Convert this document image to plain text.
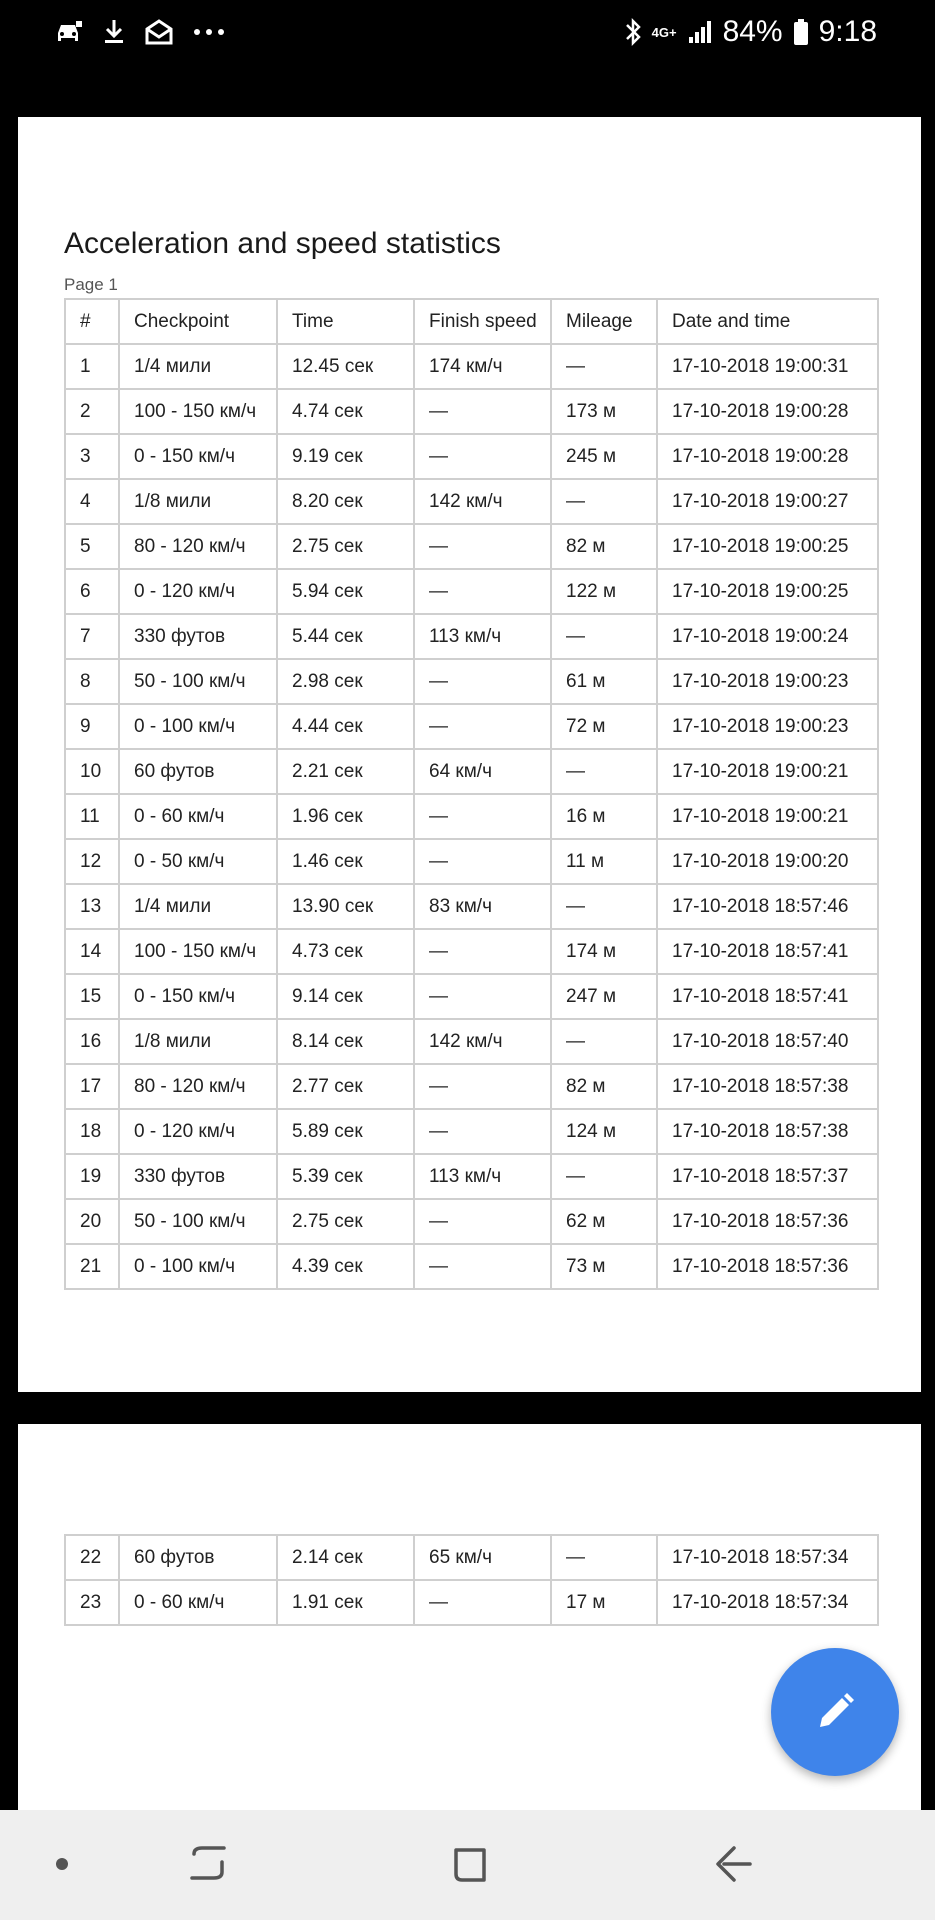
4G+ 84% 9:18
Acceleration and speed statistics
Page 1
#	Checkpoint	Time	Finish speed	Mileage	Date and time
1	1/4 мили	12.45 сек	174 км/ч	—	17-10-2018 19:00:31
2	100 - 150 км/ч	4.74 сек	—	173 м	17-10-2018 19:00:28
3	0 - 150 км/ч	9.19 сек	—	245 м	17-10-2018 19:00:28
4	1/8 мили	8.20 сек	142 км/ч	—	17-10-2018 19:00:27
5	80 - 120 км/ч	2.75 сек	—	82 м	17-10-2018 19:00:25
6	0 - 120 км/ч	5.94 сек	—	122 м	17-10-2018 19:00:25
7	330 футов	5.44 сек	113 км/ч	—	17-10-2018 19:00:24
8	50 - 100 км/ч	2.98 сек	—	61 м	17-10-2018 19:00:23
9	0 - 100 км/ч	4.44 сек	—	72 м	17-10-2018 19:00:23
10	60 футов	2.21 сек	64 км/ч	—	17-10-2018 19:00:21
11	0 - 60 км/ч	1.96 сек	—	16 м	17-10-2018 19:00:21
12	0 - 50 км/ч	1.46 сек	—	11 м	17-10-2018 19:00:20
13	1/4 мили	13.90 сек	83 км/ч	—	17-10-2018 18:57:46
14	100 - 150 км/ч	4.73 сек	—	174 м	17-10-2018 18:57:41
15	0 - 150 км/ч	9.14 сек	—	247 м	17-10-2018 18:57:41
16	1/8 мили	8.14 сек	142 км/ч	—	17-10-2018 18:57:40
17	80 - 120 км/ч	2.77 сек	—	82 м	17-10-2018 18:57:38
18	0 - 120 км/ч	5.89 сек	—	124 м	17-10-2018 18:57:38
19	330 футов	5.39 сек	113 км/ч	—	17-10-2018 18:57:37
20	50 - 100 км/ч	2.75 сек	—	62 м	17-10-2018 18:57:36
21	0 - 100 км/ч	4.39 сек	—	73 м	17-10-2018 18:57:36
22	60 футов	2.14 сек	65 км/ч	—	17-10-2018 18:57:34
23	0 - 60 км/ч	1.91 сек	—	17 м	17-10-2018 18:57:34
